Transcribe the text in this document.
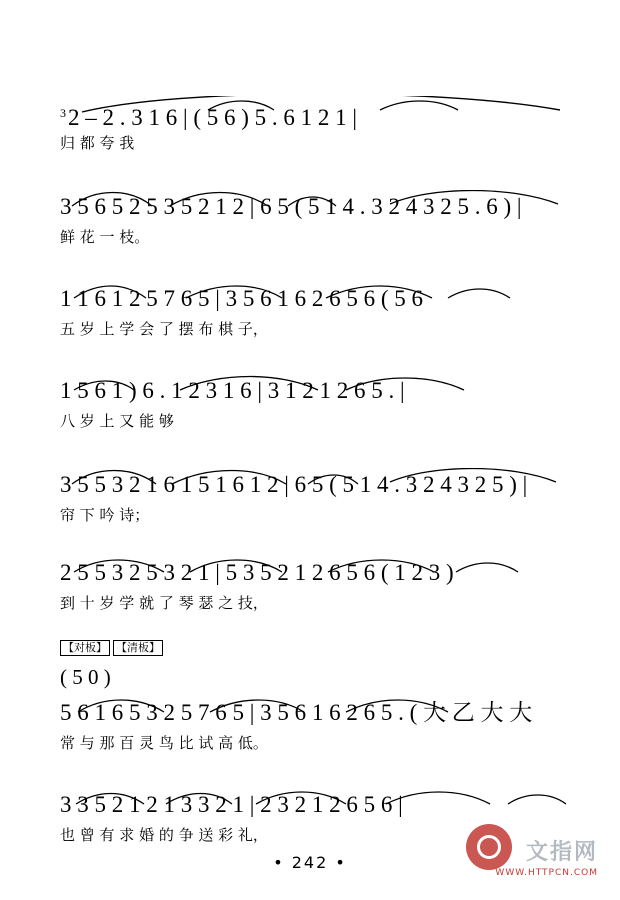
32 – 2 . 3 1 6 | ( 5 6 ) 5 . 6 1 2 1 |
归 都 夸 我
3 5 6 5 2 5 3 5 2 1 2 | 6 5 ( 5 1 4 . 3 2 4 3 2 5 . 6 ) |
鲜 花 一 枝。
1 1 6 1 2 5 7 6 5 | 3 5 6 1 6 2 6 5 6 ( 5 6
五 岁 上 学 会 了 摆 布 棋 子，
1 5 6 1 ) 6 . 1 2 3 1 6 | 3 1 2 1 2 6 5 . |
八 岁 上 又 能 够
3 5 5 3 2 1 6 1 5 1 6 1 2 | 6 5 ( 5 1 4 . 3 2 4 3 2 5 ) |
帘 下 吟 诗；
2 5 5 3 2 5 3 2 1 | 5 3 5 2 1 2 6 5 6 ( 1 2 3 )
到 十 岁 学 就 了 琴 瑟 之 技，
【对板】 【清板】
( 5 0 )
5 6 1 6 5 3 2 5 7 6 5 | 3 5 6 1 6 2 6 5 . ( 大 乙 大 大
常 与 那 百 灵 鸟 比 试 高 低。
3 3 5 2 1 2 1 3 3 2 1 | 2 3 2 1 2 6 5 6 |
也 曾 有 求 婚 的 争 送 彩 礼，
• 242 •	文指网
WWW.HTTPCN.COM
